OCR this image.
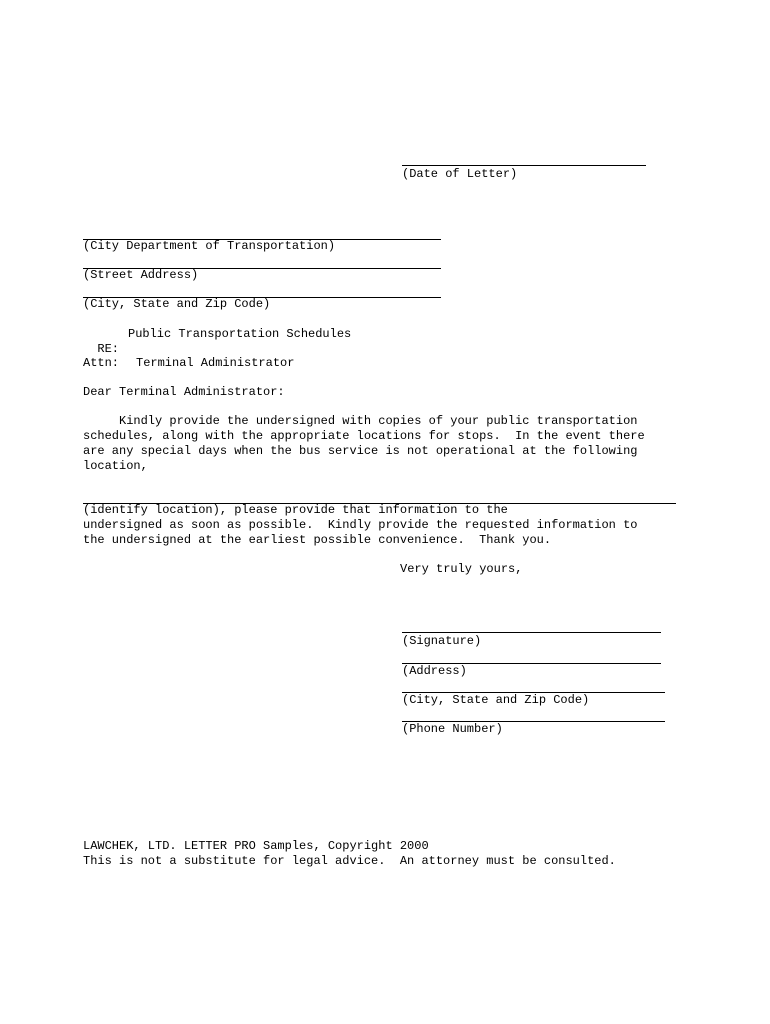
(Date of Letter)
(City Department of Transportation)
(Street Address)
(City, State and Zip Code)

RE:

Public Transportation Schedules
Attn: Terminal Administrator
Dear Terminal Administrator:
Kindly provide the undersigned with copies of your public transportation
schedules, along with the appropriate locations for stops.  In the event there
are any special days when the bus service is not operational at the following
location,
(identify location), please provide that information to the
undersigned as soon as possible.  Kindly provide the requested information to
the undersigned at the earliest possible convenience.  Thank you.
Very truly yours,
(Signature)
(Address)
(City, State and Zip Code)
(Phone Number)
LAWCHEK, LTD. LETTER PRO Samples, Copyright 2000
This is not a substitute for legal advice.  An attorney must be consulted.
